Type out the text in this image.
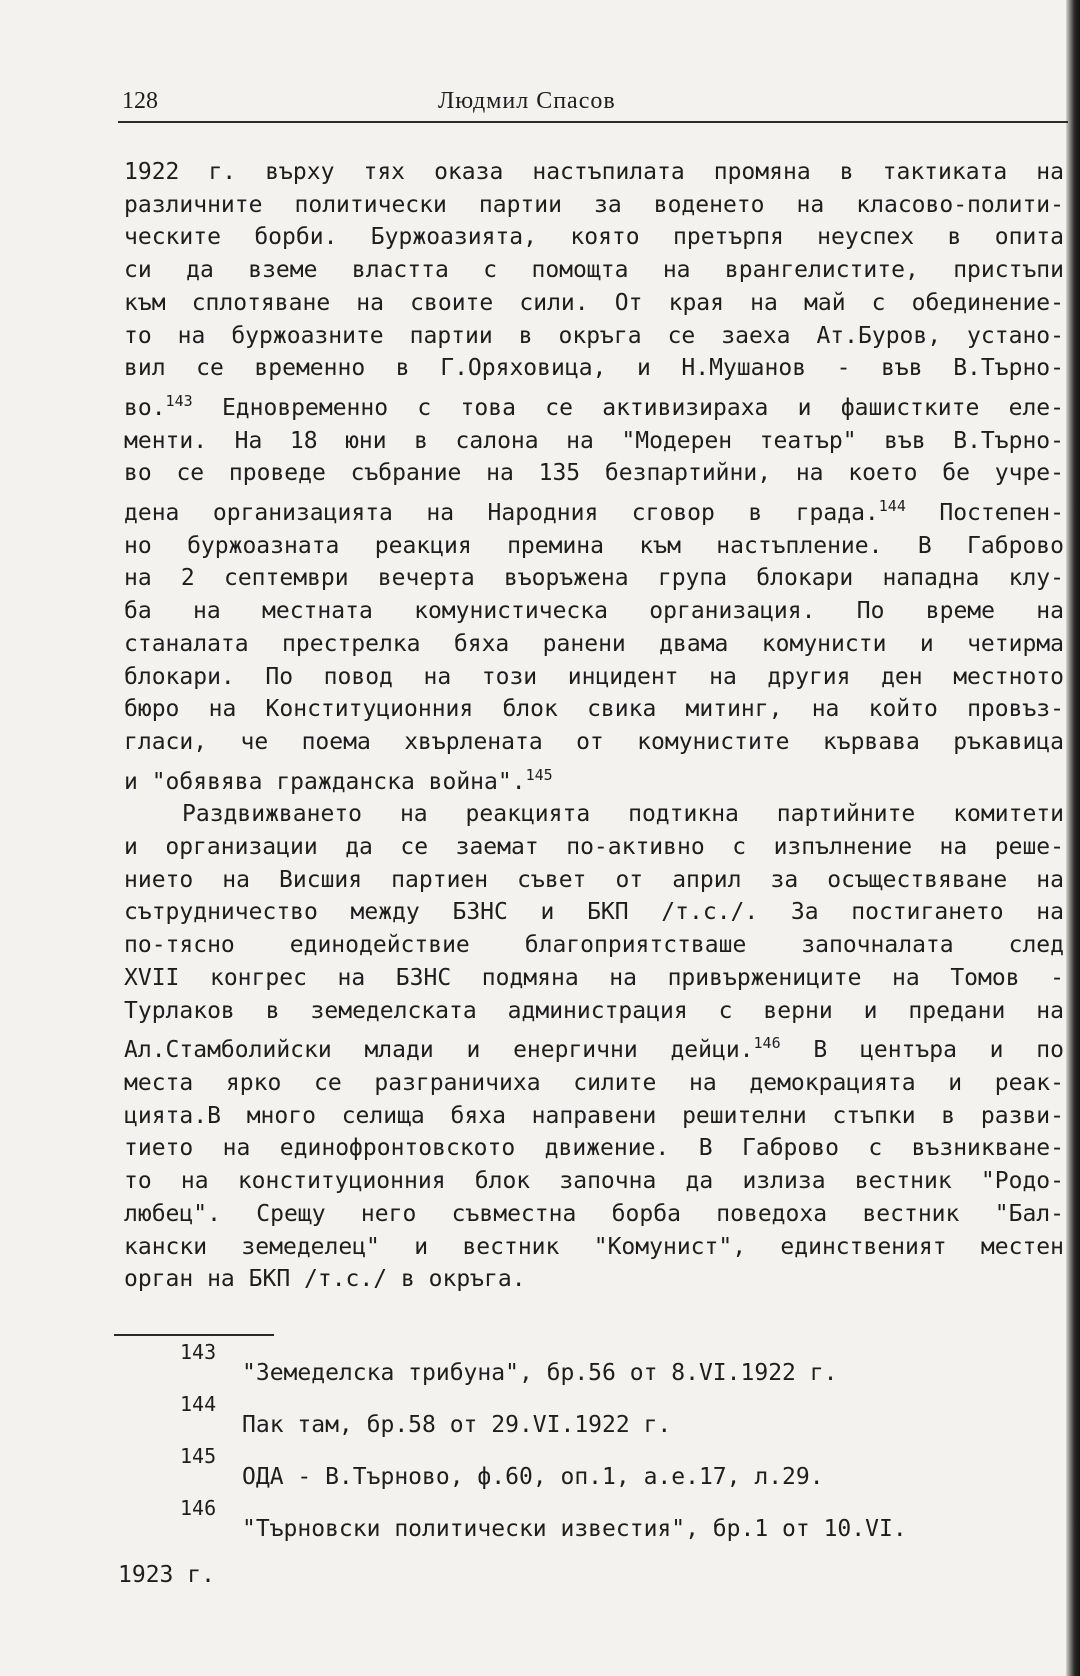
128	Людмил Спасов
1922 г. върху тях оказа настъпилата промяна в тактиката на
различните политически партии за воденето на класово-полити-
ческите борби. Буржоазията, която претърпя неуспех в опита
си да вземе властта с помощта на врангелистите, пристъпи
към сплотяване на своите сили. От края на май с обединение-
то на буржоазните партии в окръга се заеха Ат.Буров, устано-
вил се временно в Г.Оряховица, и Н.Мушанов - във В.Търно-
во.$^{143}$ Едновременно с това се активизираха и фашистките еле-
менти. На 18 юни в салона на "Модерен театър" във В.Търно-
во се проведе събрание на 135 безпартийни, на което бе учре-
дена организацията на Народния сговор в града.$^{144}$ Постепен-
но буржоазната реакция премина към настъпление. В Габрово
на 2 септември вечерта въоръжена група блокари нападна клу-
ба на местната комунистическа организация. По време на
станалата престрелка бяха ранени двама комунисти и четирма
блокари. По повод на този инцидент на другия ден местното
бюро на Конституционния блок свика митинг, на който провъз-
гласи, че поема хвърлената от комунистите кървава ръкавица
и "обявява гражданска война".$^{145}$
Раздвижването на реакцията подтикна партийните комитети
и организации да се заемат по-активно с изпълнение на реше-
нието на Висшия партиен съвет от април за осъществяване на
сътрудничество между БЗНС и БКП /т.с./. За постигането на
по-тясно единодействие благоприятстваше започналата след
XVII конгрес на БЗНС подмяна на привържениците на Томов -
Турлаков в земеделската администрация с верни и предани на
Ал.Стамболийски млади и енергични дейци.$^{146}$ В центъра и по
места ярко се разграничиха силите на демокрацията и реак-
цията.В много селища бяха направени решителни стъпки в разви-
тието на единофронтовското движение. В Габрово с възникване-
то на конституционния блок започна да излиза вестник "Родо-
любец". Срещу него съвместна борба поведоха вестник "Бал-
кански земеделец" и вестник "Комунист", единственият местен
орган на БКП /т.с./ в окръга.
143
"Земеделска трибуна", бр.56 от 8.VI.1922 г.
144
Пак там, бр.58 от 29.VI.1922 г.
145
ОДА - В.Търново, ф.60, оп.1, а.е.17, л.29.
146
"Търновски политически известия", бр.1 от 10.VI.
1923 г.
